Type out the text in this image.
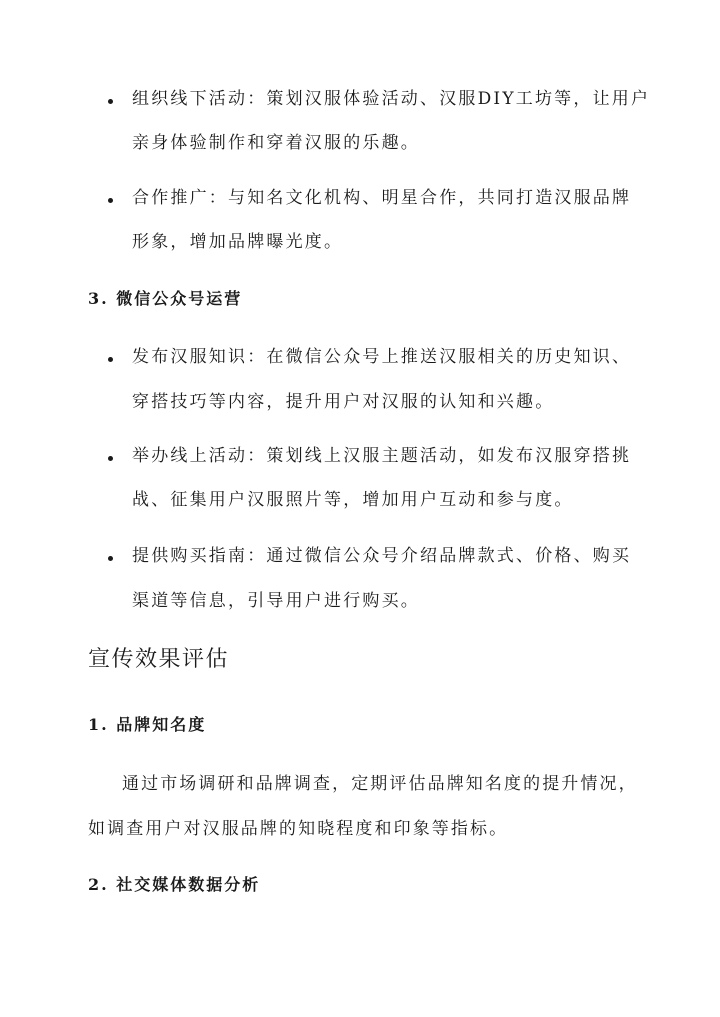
组织线下活动：策划汉服体验活动、汉服DIY工坊等，让用户
亲身体验制作和穿着汉服的乐趣。
合作推广：与知名文化机构、明星合作，共同打造汉服品牌
形象，增加品牌曝光度。
3. 微信公众号运营
发布汉服知识：在微信公众号上推送汉服相关的历史知识、
穿搭技巧等内容，提升用户对汉服的认知和兴趣。
举办线上活动：策划线上汉服主题活动，如发布汉服穿搭挑
战、征集用户汉服照片等，增加用户互动和参与度。
提供购买指南：通过微信公众号介绍品牌款式、价格、购买
渠道等信息，引导用户进行购买。
宣传效果评估
1. 品牌知名度
通过市场调研和品牌调查，定期评估品牌知名度的提升情况，
如调查用户对汉服品牌的知晓程度和印象等指标。
2. 社交媒体数据分析
